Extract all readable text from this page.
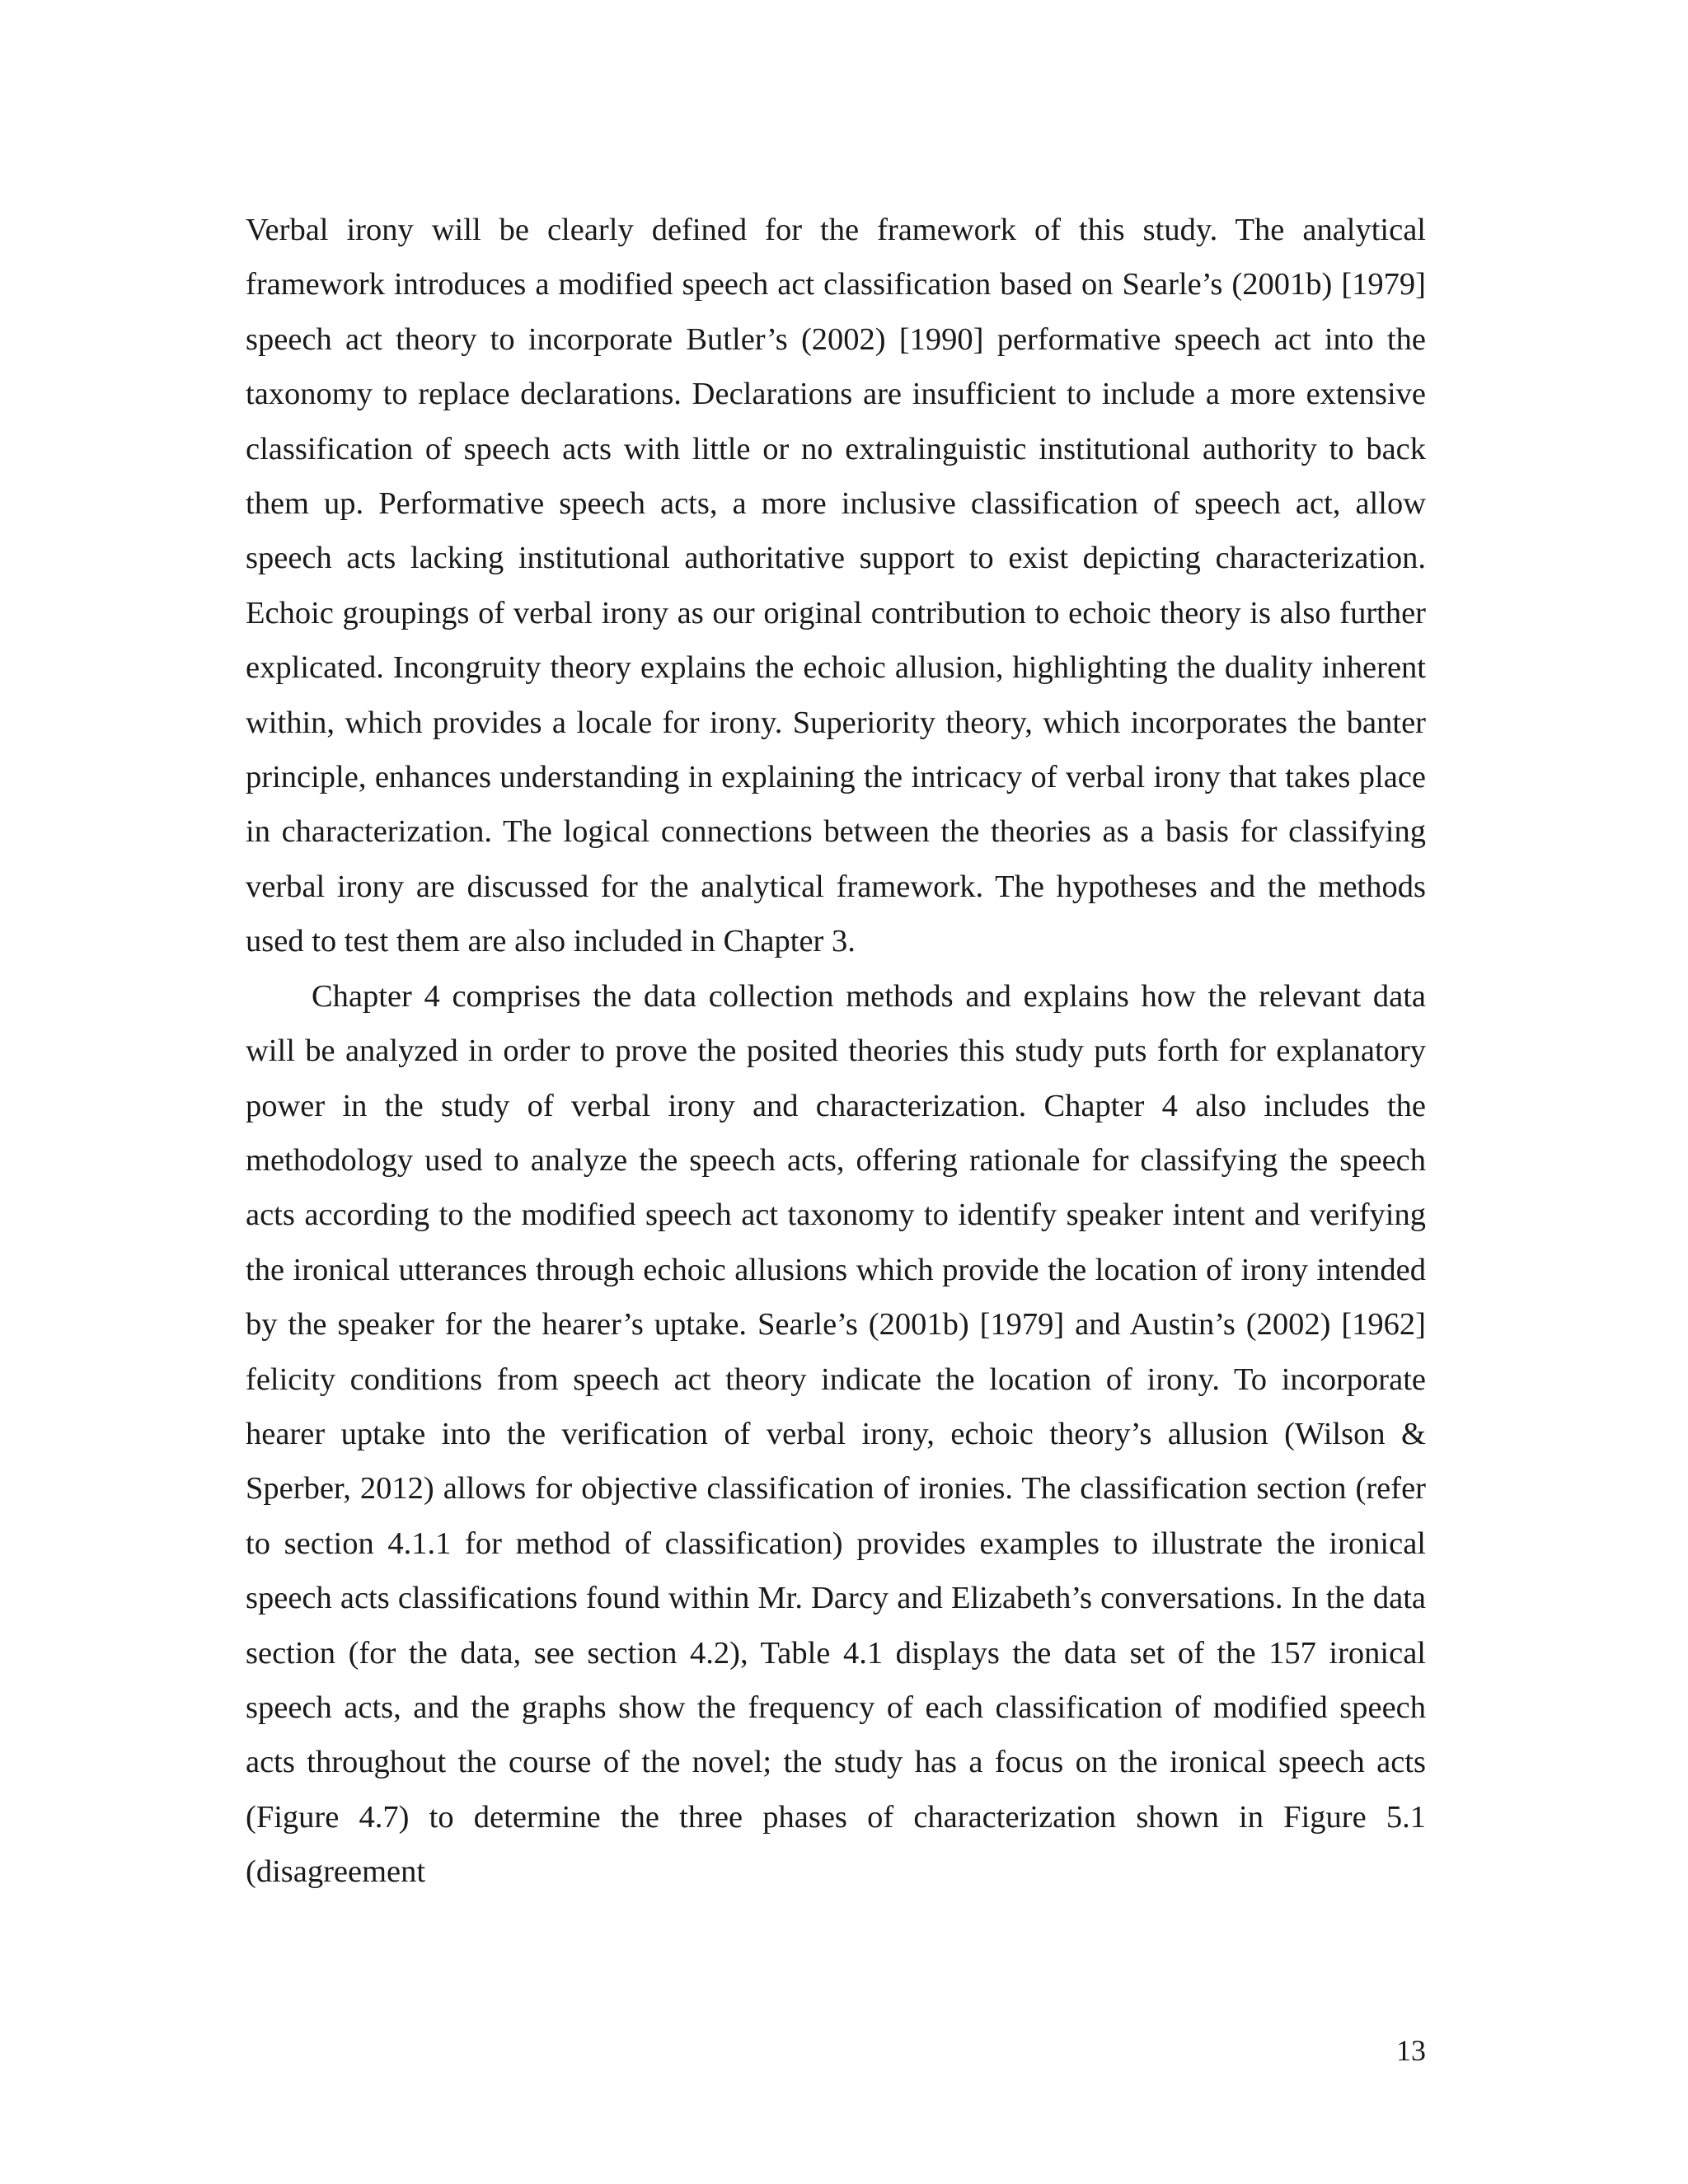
Verbal irony will be clearly defined for the framework of this study. The analytical framework introduces a modified speech act classification based on Searle’s (2001b) [1979] speech act theory to incorporate Butler’s (2002) [1990] performative speech act into the taxonomy to replace declarations. Declarations are insufficient to include a more extensive classification of speech acts with little or no extralinguistic institutional authority to back them up. Performative speech acts, a more inclusive classification of speech act, allow speech acts lacking institutional authoritative support to exist depicting characterization. Echoic groupings of verbal irony as our original contribution to echoic theory is also further explicated. Incongruity theory explains the echoic allusion, highlighting the duality inherent within, which provides a locale for irony. Superiority theory, which incorporates the banter principle, enhances understanding in explaining the intricacy of verbal irony that takes place in characterization. The logical connections between the theories as a basis for classifying verbal irony are discussed for the analytical framework. The hypotheses and the methods used to test them are also included in Chapter 3.

Chapter 4 comprises the data collection methods and explains how the relevant data will be analyzed in order to prove the posited theories this study puts forth for explanatory power in the study of verbal irony and characterization. Chapter 4 also includes the methodology used to analyze the speech acts, offering rationale for classifying the speech acts according to the modified speech act taxonomy to identify speaker intent and verifying the ironical utterances through echoic allusions which provide the location of irony intended by the speaker for the hearer’s uptake. Searle’s (2001b) [1979] and Austin’s (2002) [1962] felicity conditions from speech act theory indicate the location of irony. To incorporate hearer uptake into the verification of verbal irony, echoic theory’s allusion (Wilson & Sperber, 2012) allows for objective classification of ironies. The classification section (refer to section 4.1.1 for method of classification) provides examples to illustrate the ironical speech acts classifications found within Mr. Darcy and Elizabeth’s conversations. In the data section (for the data, see section 4.2), Table 4.1 displays the data set of the 157 ironical speech acts, and the graphs show the frequency of each classification of modified speech acts throughout the course of the novel; the study has a focus on the ironical speech acts (Figure 4.7) to determine the three phases of characterization shown in Figure 5.1 (disagreement

13
